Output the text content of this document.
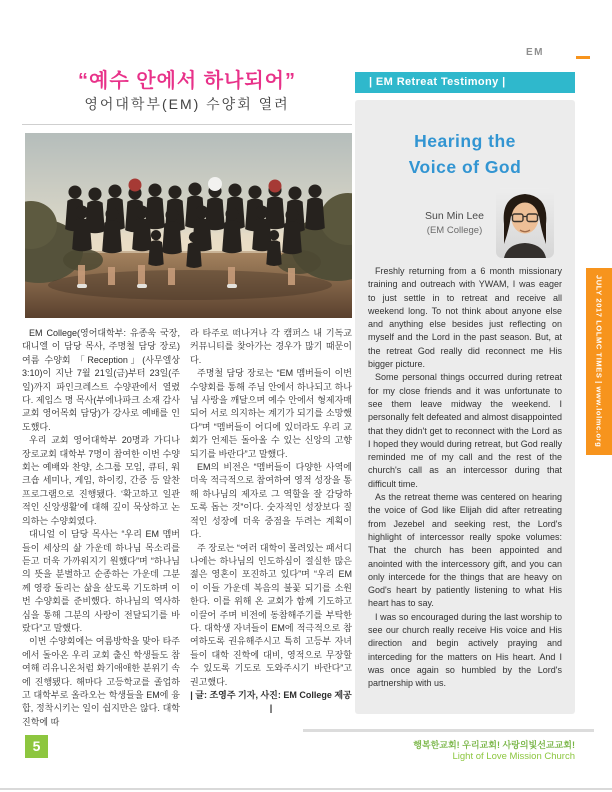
EM
“예수 안에서 하나되어”
영어대학부(EM) 수양회 열려

EM College(영어대학부: 유종욱 국장, 대니엘 이 담당 목사, 주명철 담당 장로) 여름 수양회 「Reception」(사무엘상 3:10)이 지난 7월 21일(금)부터 23일(주일)까지 파인크레스트 수양관에서 열렸다. 제임스 명 목사(부에나파크 소재 감사교회 영어목회 담당)가 강사로 예배를 인도했다.

우리 교회 영어대학부 20명과 가디나 장로교회 대학부 7명이 참여한 이번 수양회는 예배와 찬양, 소그룹 모임, 큐티, 워크숍 세미나, 게임, 하이킹, 간증 등 알찬 프로그램으로 진행됐다. ‘확고하고 일관적인 신앙생활’에 대해 깊이 묵상하고 논의하는 수양회였다.

대니얼 이 담당 목사는 “우리 EM 멤버들이 세상의 삶 가운데 하나님 목소리를 듣고 더욱 가까워지기 원했다”며 “하나님의 뜻을 분별하고 순종하는 가운데 그분께 영광 돌리는 삶을 살도록 기도하며 이번 수양회를 준비했다. 하나님의 역사하심을 통해 그분의 사랑이 전달되기를 바랐다”고 말했다.

이번 수양회에는 여름방학을 맞아 타주에서 돌아온 우리 교회 출신 학생들도 참여해 리유니온처럼 화기애애한 분위기 속에 진행됐다. 해마다 고등학교를 졸업하고 대학부로 올라오는 학생들을 EM에 융합, 정착시키는 일이 쉽지만은 않다. 대학 진학에 따

라 타주로 떠나거나 각 캠퍼스 내 기독교 커뮤니티를 찾아가는 경우가 많기 때문이다.

주명철 담당 장로는 “EM 멤버들이 이번 수양회를 통해 주님 안에서 하나되고 하나님 사랑을 깨달으며 예수 안에서 형제자매 되어 서로 의지하는 계기가 되기를 소망했다”며 “멤버들이 어디에 있더라도 우리 교회가 언제든 돌아올 수 있는 신앙의 고향 되기를 바란다”고 말했다.

EM의 비전은 “멤버들이 다양한 사역에 더욱 적극적으로 참여하여 영적 성장을 통해 하나님의 제자로 그 역할을 잘 감당하도록 돕는 것”이다. 숫자적인 성장보다 질적인 성장에 더욱 중점을 두려는 계획이다.

주 장로는 “여러 대학이 몰려있는 패서디나에는 하나님의 인도하심이 절실한 많은 젊은 영혼이 포진하고 있다”며 “우리 EM이 이들 가운데 복음의 불꽃 되기를 소원한다. 이를 위해 온 교회가 함께 기도하고 이끌어 주며 비전에 동참해주기를 부탁한다. 대학생 자녀들이 EM에 적극적으로 참여하도록 권유해주시고 특히 고등부 자녀들이 대학 진학에 대비, 영적으로 무장할 수 있도록 기도로 도와주시기 바란다”고 권고했다.

| 글: 조영주 기자, 사진: EM College 제공 |

5
| EM Retreat Testimony |
Hearing the
Voice of God
Sun Min Lee
(EM College)

Freshly returning from a 6 month missionary training and outreach with YWAM, I was eager to just settle in to retreat and receive all weekend long. To not think about anyone else and anything else besides just reflecting on myself and the Lord in the past season. But, at the retreat God really did reconnect me His bigger picture.

Some personal things occurred during retreat for my close friends and it was unfortunate to see them leave midway the weekend. I personally felt defeated and almost disappointed that they didn't get to reconnect with the Lord as I hoped they would during retreat, but God really reminded me of my call and the rest of the church's call as an intercessor during that difficult time.

As the retreat theme was centered on hearing the voice of God like Elijah did after retreating from Jezebel and seeking rest, the Lord's highlight of intercessor really spoke volumes: That the church has been appointed and anointed with the intercessory gift, and you can only intercede for the things that are heavy on God's heart by patiently listening to what His heart has to say.

I was so encouraged during the last worship to see our church really receive His voice and His direction and begin actively praying and interceding for the matters on His heart. And I was once again so humbled by the Lord's partnership with us.

JULY 2017 LOLMC TIMES | www.lolmc.org
행복한교회! 우리교회! 사랑의빛선교교회!
Light of Love Mission Church
